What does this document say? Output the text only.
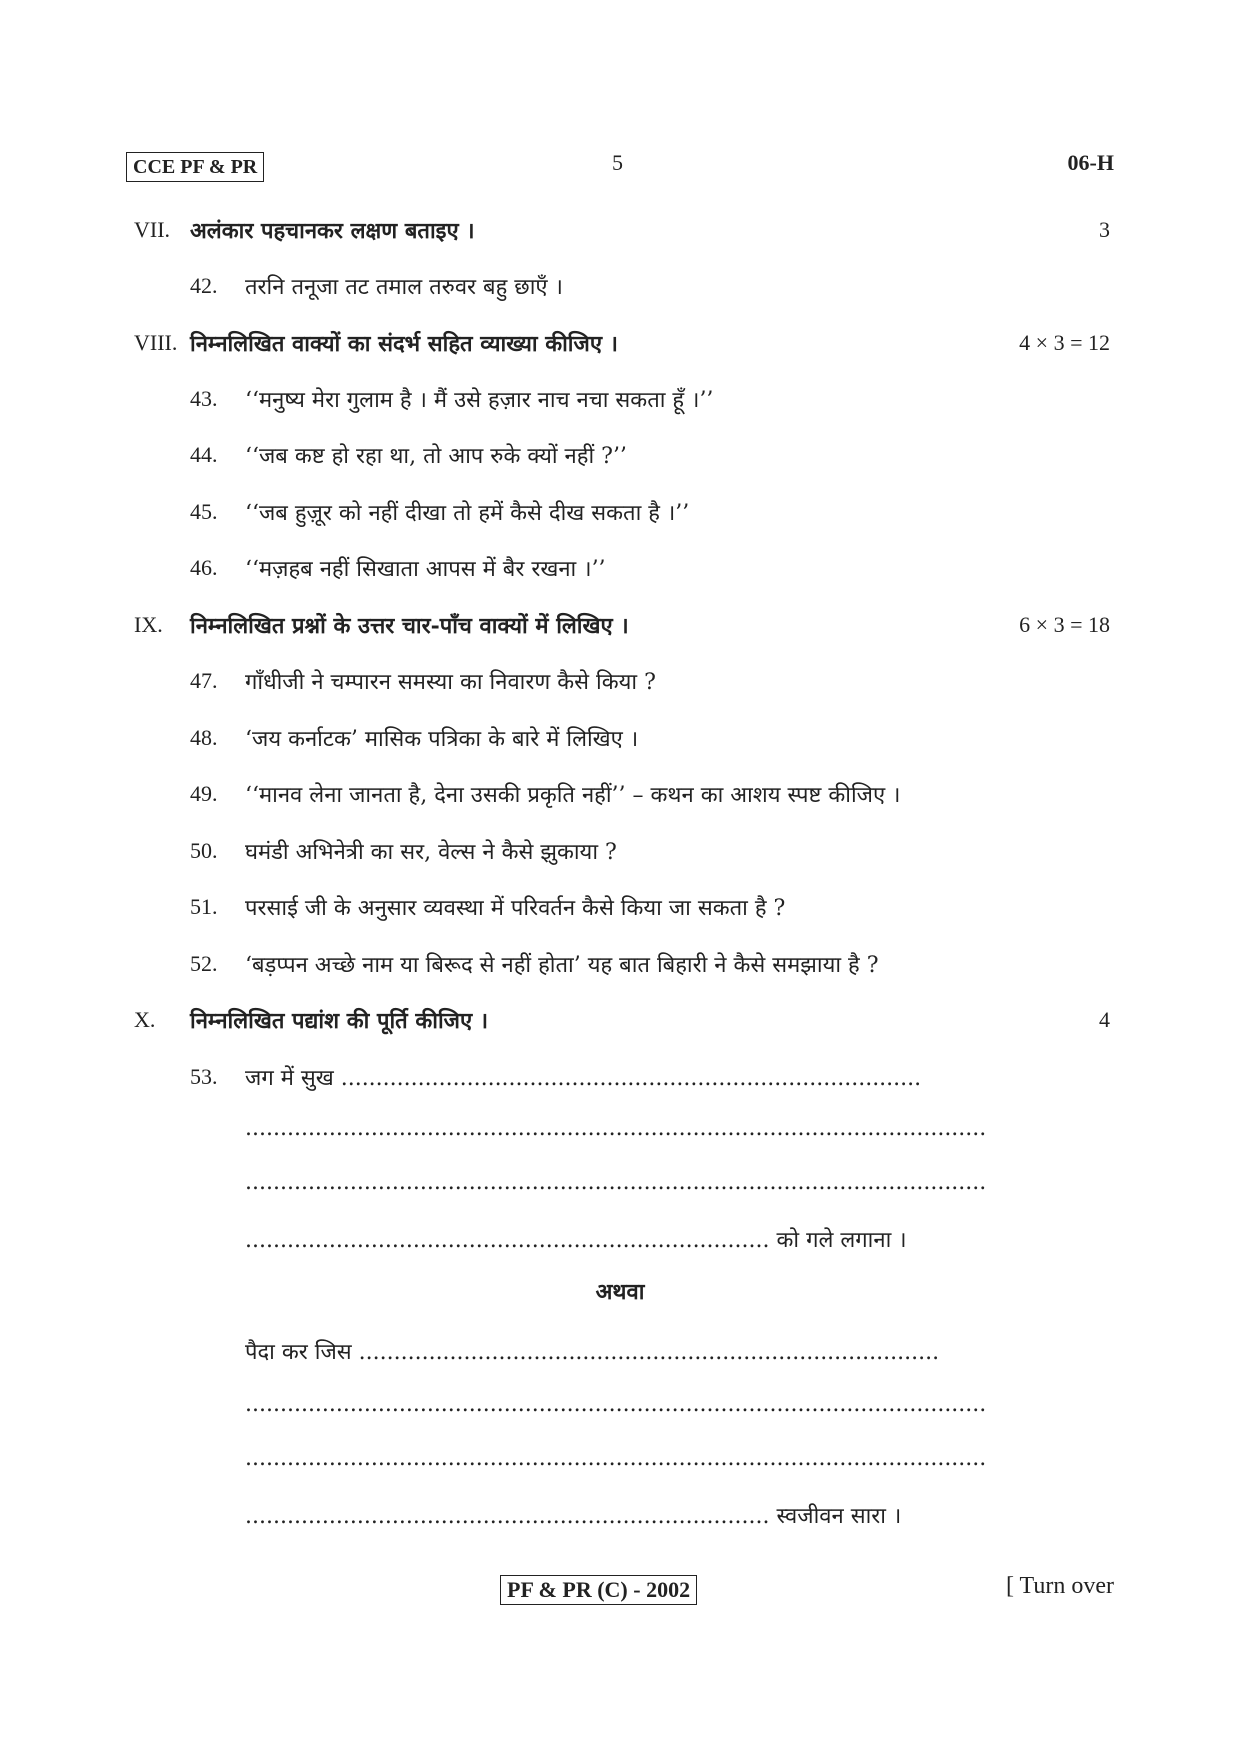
CCE PF & PR	5	06-H
VII. अलंकार पहचानकर लक्षण बताइए ।	3
42. तरनि तनूजा तट तमाल तरुवर बहु छाएँ ।
VIII. निम्नलिखित वाक्यों का संदर्भ सहित व्याख्या कीजिए ।	4 × 3 = 12
43. ‘‘मनुष्य मेरा गुलाम है । मैं उसे हज़ार नाच नचा सकता हूँ ।’’
44. ‘‘जब कष्ट हो रहा था, तो आप रुके क्यों नहीं ?’’
45. ‘‘जब हुज़ूर को नहीं दीखा तो हमें कैसे दीख सकता है ।’’
46. ‘‘मज़हब नहीं सिखाता आपस में बैर रखना ।’’
IX. निम्नलिखित प्रश्नों के उत्तर चार-पाँच वाक्यों में लिखिए ।	6 × 3 = 18
47. गाँधीजी ने चम्पारन समस्या का निवारण कैसे किया ?
48. ‘जय कर्नाटक’ मासिक पत्रिका के बारे में लिखिए ।
49. ‘‘मानव लेना जानता है, देना उसकी प्रकृति नहीं’’ – कथन का आशय स्पष्ट कीजिए ।
50. घमंडी अभिनेत्री का सर, वेल्स ने कैसे झुकाया ?
51. परसाई जी के अनुसार व्यवस्था में परिवर्तन कैसे किया जा सकता है ?
52. ‘बड़प्पन अच्छे नाम या बिरूद से नहीं होता’ यह बात बिहारी ने कैसे समझाया है ?
X. निम्नलिखित पद्यांश की पूर्ति कीजिए ।	4
53. जग में सुख ...................................................................................
..........................................................................................................
..........................................................................................................
........................................................................... को गले लगाना ।
अथवा
पैदा कर जिस ...................................................................................
..........................................................................................................
..........................................................................................................
........................................................................... स्वजीवन सारा ।
PF & PR (C) - 2002	[ Turn over
